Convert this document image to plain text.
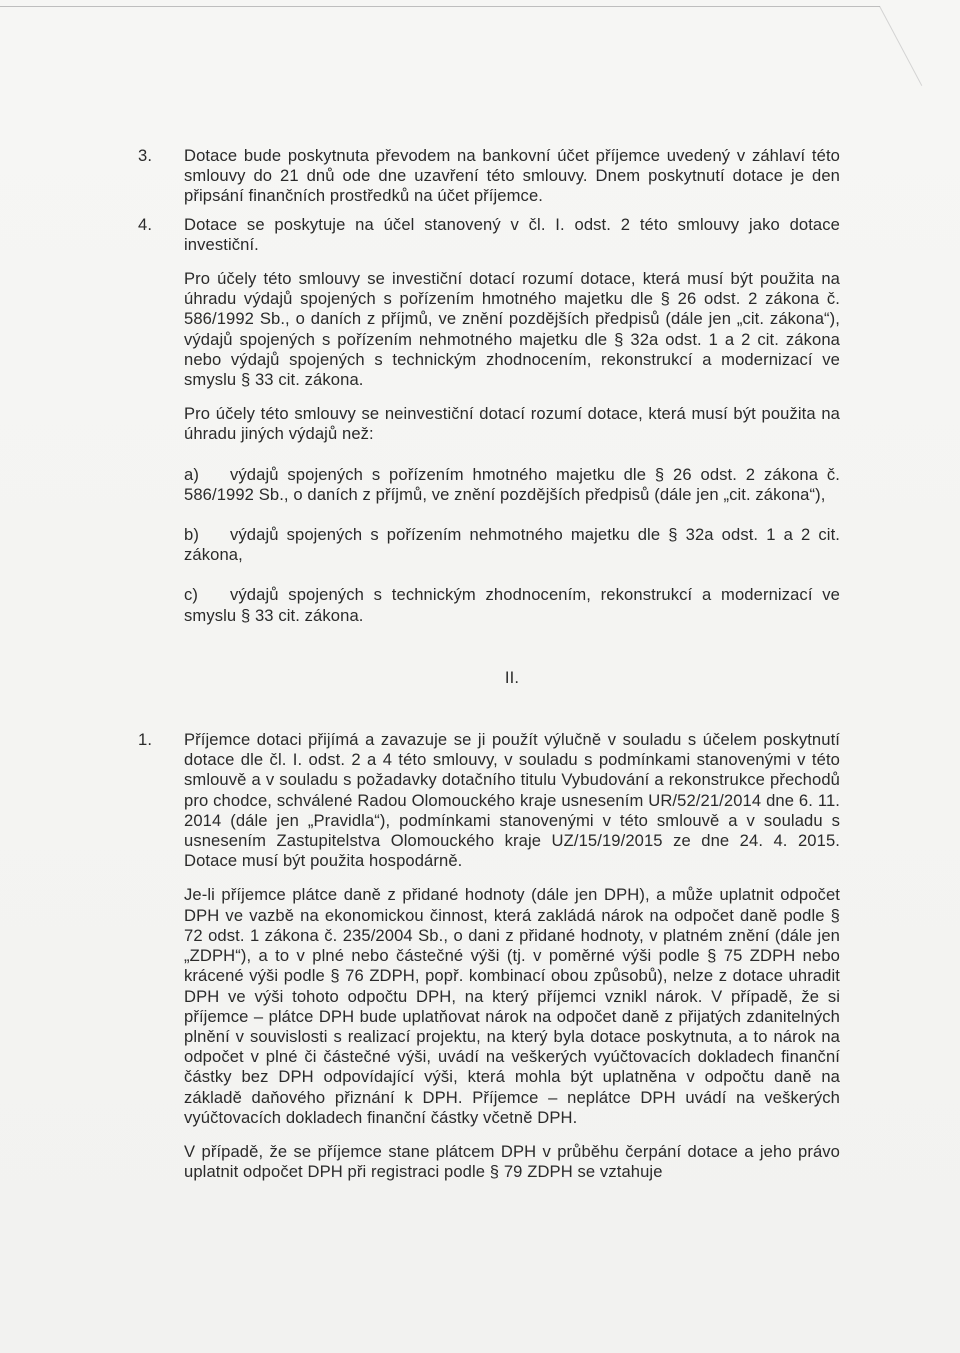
3. Dotace bude poskytnuta převodem na bankovní účet příjemce uvedený v záhlaví této smlouvy do 21 dnů ode dne uzavření této smlouvy. Dnem poskytnutí dotace je den připsání finančních prostředků na účet příjemce.

4. Dotace se poskytuje na účel stanovený v čl. I. odst. 2 této smlouvy jako dotace investiční.

Pro účely této smlouvy se investiční dotací rozumí dotace, která musí být použita na úhradu výdajů spojených s pořízením hmotného majetku dle § 26 odst. 2 zákona č. 586/1992 Sb., o daních z příjmů, ve znění pozdějších předpisů (dále jen „cit. zákona“), výdajů spojených s pořízením nehmotného majetku dle § 32a odst. 1 a 2 cit. zákona nebo výdajů spojených s technickým zhodnocením, rekonstrukcí a modernizací ve smyslu § 33 cit. zákona.

Pro účely této smlouvy se neinvestiční dotací rozumí dotace, která musí být použita na úhradu jiných výdajů než:

a) výdajů spojených s pořízením hmotného majetku dle § 26 odst. 2 zákona č. 586/1992 Sb., o daních z příjmů, ve znění pozdějších předpisů (dále jen „cit. zákona“),

b) výdajů spojených s pořízením nehmotného majetku dle § 32a odst. 1 a 2 cit. zákona,

c) výdajů spojených s technickým zhodnocením, rekonstrukcí a modernizací ve smyslu § 33 cit. zákona.

II.

1. Příjemce dotaci přijímá a zavazuje se ji použít výlučně v souladu s účelem poskytnutí dotace dle čl. I. odst. 2 a 4 této smlouvy, v souladu s podmínkami stanovenými v této smlouvě a v souladu s požadavky dotačního titulu Vybudování a rekonstrukce přechodů pro chodce, schválené Radou Olomouckého kraje usnesením UR/52/21/2014 dne 6. 11. 2014 (dále jen „Pravidla“), podmínkami stanovenými v této smlouvě a v souladu s usnesením Zastupitelstva Olomouckého kraje UZ/15/19/2015 ze dne 24. 4. 2015. Dotace musí být použita hospodárně.

Je-li příjemce plátce daně z přidané hodnoty (dále jen DPH), a může uplatnit odpočet DPH ve vazbě na ekonomickou činnost, která zakládá nárok na odpočet daně podle § 72 odst. 1 zákona č. 235/2004 Sb., o dani z přidané hodnoty, v platném znění (dále jen „ZDPH“), a to v plné nebo částečné výši (tj. v poměrné výši podle § 75 ZDPH nebo krácené výši podle § 76 ZDPH, popř. kombinací obou způsobů), nelze z dotace uhradit DPH ve výši tohoto odpočtu DPH, na který příjemci vznikl nárok. V případě, že si příjemce – plátce DPH bude uplatňovat nárok na odpočet daně z přijatých zdanitelných plnění v souvislosti s realizací projektu, na který byla dotace poskytnuta, a to nárok na odpočet v plné či částečné výši, uvádí na veškerých vyúčtovacích dokladech finanční částky bez DPH odpovídající výši, která mohla být uplatněna v odpočtu daně na základě daňového přiznání k DPH. Příjemce – neplátce DPH uvádí na veškerých vyúčtovacích dokladech finanční částky včetně DPH.

V případě, že se příjemce stane plátcem DPH v průběhu čerpání dotace a jeho právo uplatnit odpočet DPH při registraci podle § 79 ZDPH se vztahuje
